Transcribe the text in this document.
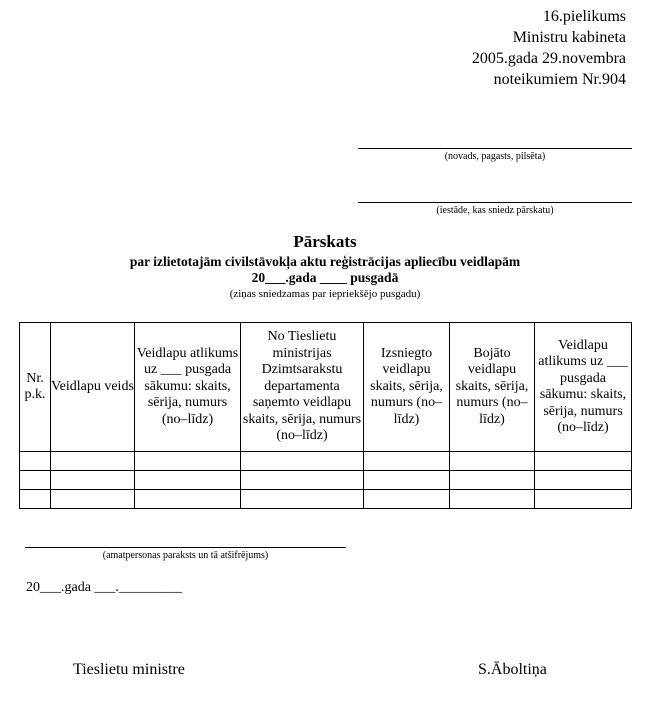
16.pielikums
Ministru kabineta
2005.gada 29.novembra
noteikumiem Nr.904
(novads, pagasts, pilsēta)
(iestāde, kas sniedz pārskatu)
Pārskats
par izlietotajām civilstāvokļa aktu reģistrācijas apliecību veidlapām
20___.gada ____ pusgadā
(ziņas sniedzamas par iepriekšējo pusgadu)
Nr. p.k.	Veidlapu veids	Veidlapu atlikums uz ___ pusgada sākumu: skaits, sērija, numurs (no–līdz)	No Tieslietu ministrijas Dzimtsarakstu departamenta saņemto veidlapu skaits, sērija, numurs (no–līdz)	Izsniegto veidlapu skaits, sērija, numurs (no–līdz)	Bojāto veidlapu skaits, sērija, numurs (no–līdz)	Veidlapu atlikums uz ___ pusgada sākumu: skaits, sērija, numurs (no–līdz)

(amatpersonas paraksts un tā atšifrējums)
20___.gada ___._________
Tieslietu ministre	S.Āboltiņa
